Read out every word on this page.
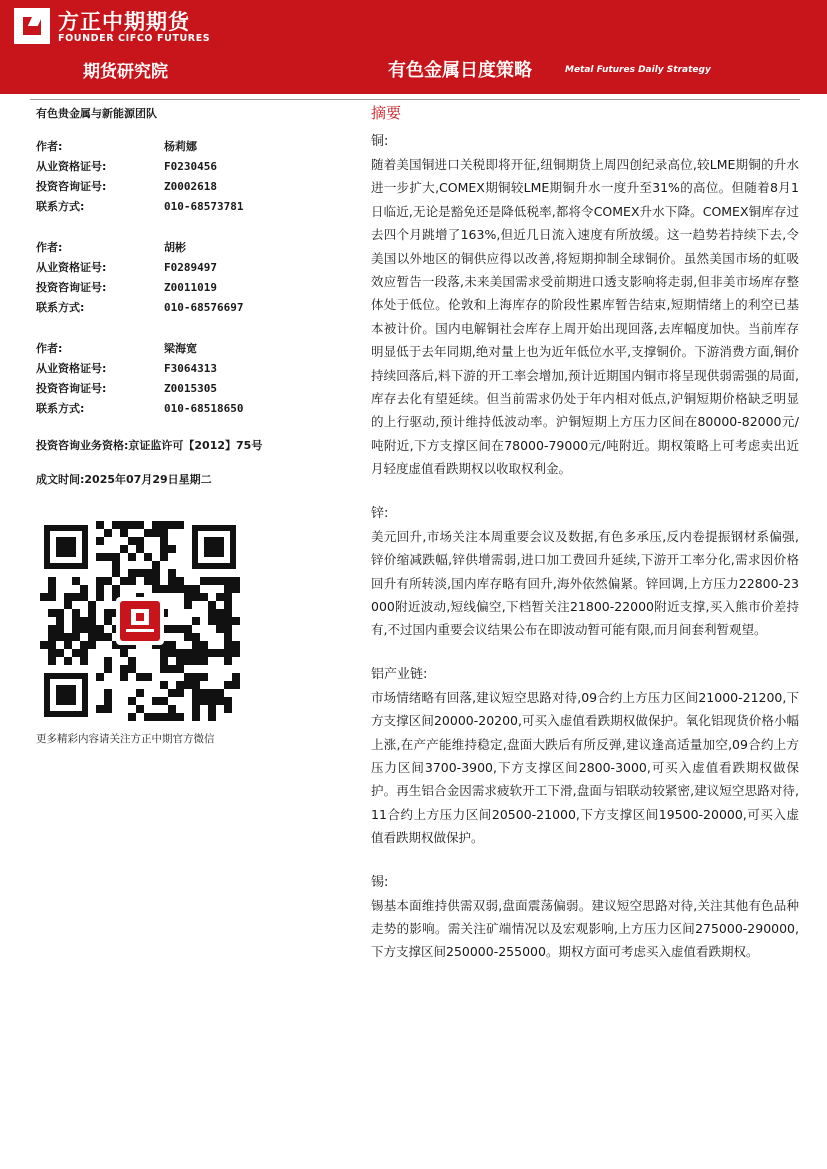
方正中期期货
FOUNDER CIFCO FUTURES
期货研究院	有色金属日度策略	Metal Futures Daily Strategy
有色贵金属与新能源团队
作者:	杨莉娜
从业资格证号:	F0230456
投资咨询证号:	Z0002618
联系方式:	010-68573781
作者:	胡彬
从业资格证号:	F0289497
投资咨询证号:	Z0011019
联系方式:	010-68576697
作者:	梁海宽
从业资格证号:	F3064313
投资咨询证号:	Z0015305
联系方式:	010-68518650
投资咨询业务资格:京证监许可【2012】75号
成文时间:2025年07月29日星期二
更多精彩内容请关注方正中期官方微信
摘要
铜:
随着美国铜进口关税即将开征,纽铜期货上周四创纪录高位,较LME期铜的升水进一步扩大,COMEX期铜较LME期铜升水一度升至31%的高位。但随着8月1日临近,无论是豁免还是降低税率,都将令COMEX升水下降。COMEX铜库存过去四个月跳增了163%,但近几日流入速度有所放缓。这一趋势若持续下去,令美国以外地区的铜供应得以改善,将短期抑制全球铜价。虽然美国市场的虹吸效应暂告一段落,未来美国需求受前期进口透支影响将走弱,但非美市场库存整体处于低位。伦敦和上海库存的阶段性累库暂告结束,短期情绪上的利空已基本被计价。国内电解铜社会库存上周开始出现回落,去库幅度加快。当前库存明显低于去年同期,绝对量上也为近年低位水平,支撑铜价。下游消费方面,铜价持续回落后,料下游的开工率会增加,预计近期国内铜市将呈现供弱需强的局面,库存去化有望延续。但当前需求仍处于年内相对低点,沪铜短期价格缺乏明显的上行驱动,预计维持低波动率。沪铜短期上方压力区间在80000-82000元/吨附近,下方支撑区间在78000-79000元/吨附近。期权策略上可考虑卖出近月轻度虚值看跌期权以收取权利金。
锌:
美元回升,市场关注本周重要会议及数据,有色多承压,反内卷提振钢材系偏强,锌价缩减跌幅,锌供增需弱,进口加工费回升延续,下游开工率分化,需求因价格回升有所转淡,国内库存略有回升,海外依然偏紧。锌回调,上方压力22800-23000附近波动,短线偏空,下档暂关注21800-22000附近支撑,买入熊市价差持有,不过国内重要会议结果公布在即波动暂可能有限,而月间套利暂观望。
铝产业链:
市场情绪略有回落,建议短空思路对待,09合约上方压力区间21000-21200,下方支撑区间20000-20200,可买入虚值看跌期权做保护。氧化铝现货价格小幅上涨,在产产能维持稳定,盘面大跌后有所反弹,建议逢高适量加空,09合约上方压力区间3700-3900,下方支撑区间2800-3000,可买入虚值看跌期权做保护。再生铝合金因需求疲软开工下滑,盘面与铝联动较紧密,建议短空思路对待,11合约上方压力区间20500-21000,下方支撑区间19500-20000,可买入虚值看跌期权做保护。
锡:
锡基本面维持供需双弱,盘面震荡偏弱。建议短空思路对待,关注其他有色品种走势的影响。需关注矿端情况以及宏观影响,上方压力区间275000-290000,下方支撑区间250000-255000。期权方面可考虑买入虚值看跌期权。
